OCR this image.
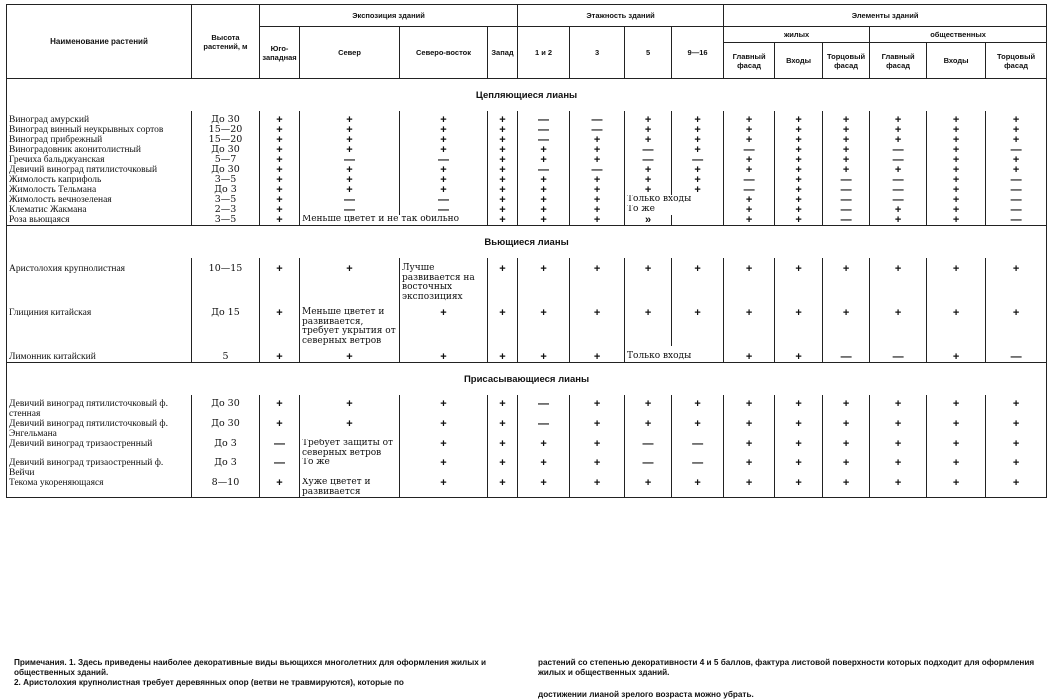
Наименование растений	Высота растений, м	Экспозиция зданий				Этажность зданий				Элементы зданий					
		Юго-западная	Север	Северо-восток	Запад	1 и 2	3	5	9—16	жилых			общественных		
										Главный фасад	Входы	Торцовый фасад	Главный фасад	Входы	Торцовый фасад
Цепляющиеся лианы															
Виноград амурский	До 30	+	+	+	+	—	—	+	+	+	+	+	+	+	+
Виноград винный неукрывных сортов	15—20	+	+	+	+	—	—	+	+	+	+	+	+	+	+
Виноград прибрежный	15—20	+	+	+	+	—	+	+	+	+	+	+	+	+	+
Виноградовник аконитолистный	До 30	+	+	+	+	+	+	—	+	—	+	+	—	+	—
Гречиха бальджуанская	5—7	+	—	—	+	+	+	—	—	+	+	+	—	+	+
Девичий виноград пятилисточковый	До 30	+	+	+	+	—	—	+	+	+	+	+	+	+	+
Жимолость каприфоль	3—5	+	+	+	+	+	+	+	+	—	+	—	—	+	—
Жимолость Тельмана	До 3	+	+	+	+	+	+	+	+	—	+	—	—	+	—
Жимолость вечнозеленая	3—5	+	—	—	+	+	+	Только входы		+	+	—	—	+	—
Клематис Жакмана	2—3	+	—	—	+	+	+	То же		+	+	—	+	+	—
Роза вьющаяся	3—5	+	Меньше цветет и не так обильно		+	+	+	»		+	+	—	+	+	—
Вьющиеся лианы															
Аристолохия крупнолистная	10—15	+	+	Лучше развивается на восточных экспозициях	+	+	+	+	+	+	+	+	+	+	+
Глициния китайская	До 15	+	Меньше цветет и развивается, требует укрытия от северных ветров	+	+	+	+	+	+	+	+	+	+	+	+
Лимонник китайский	5	+	+	+	+	+	+	Только входы		+	+	—	—	+	—
Присасывающиеся лианы															
Девичий виноград пятилисточковый ф. стенная	До 30	+	+	+	+	—	+	+	+	+	+	+	+	+	+
Девичий виноград пятилисточковый ф. Энгельмана	До 30	+	+	+	+	—	+	+	+	+	+	+	+	+	+
Девичий виноград тризаостренный	До 3	—	Требует защиты от северных ветров	+	+	+	+	—	—	+	+	+	+	+	+
Девичий виноград тризаостренный ф. Вейчи	До 3	—	То же	+	+	+	+	—	—	+	+	+	+	+	+
Текома укореняющаяся	8—10	+	Хуже цветет и развивается	+	+	+	+	+	+	+	+	+	+	+	+
Примечания. 1. Здесь приведены наиболее декоративные виды вьющихся многолетних для оформления жилых и общественных зданий.
2. Аристолохия крупнолистная требует деревянных опор (ветви не травмируются), которые по
растений со степенью декоративности 4 и 5 баллов, фактура листовой поверхности которых подходит для оформления жилых и общественных зданий.
достижении лианой зрелого возраста можно убрать.
